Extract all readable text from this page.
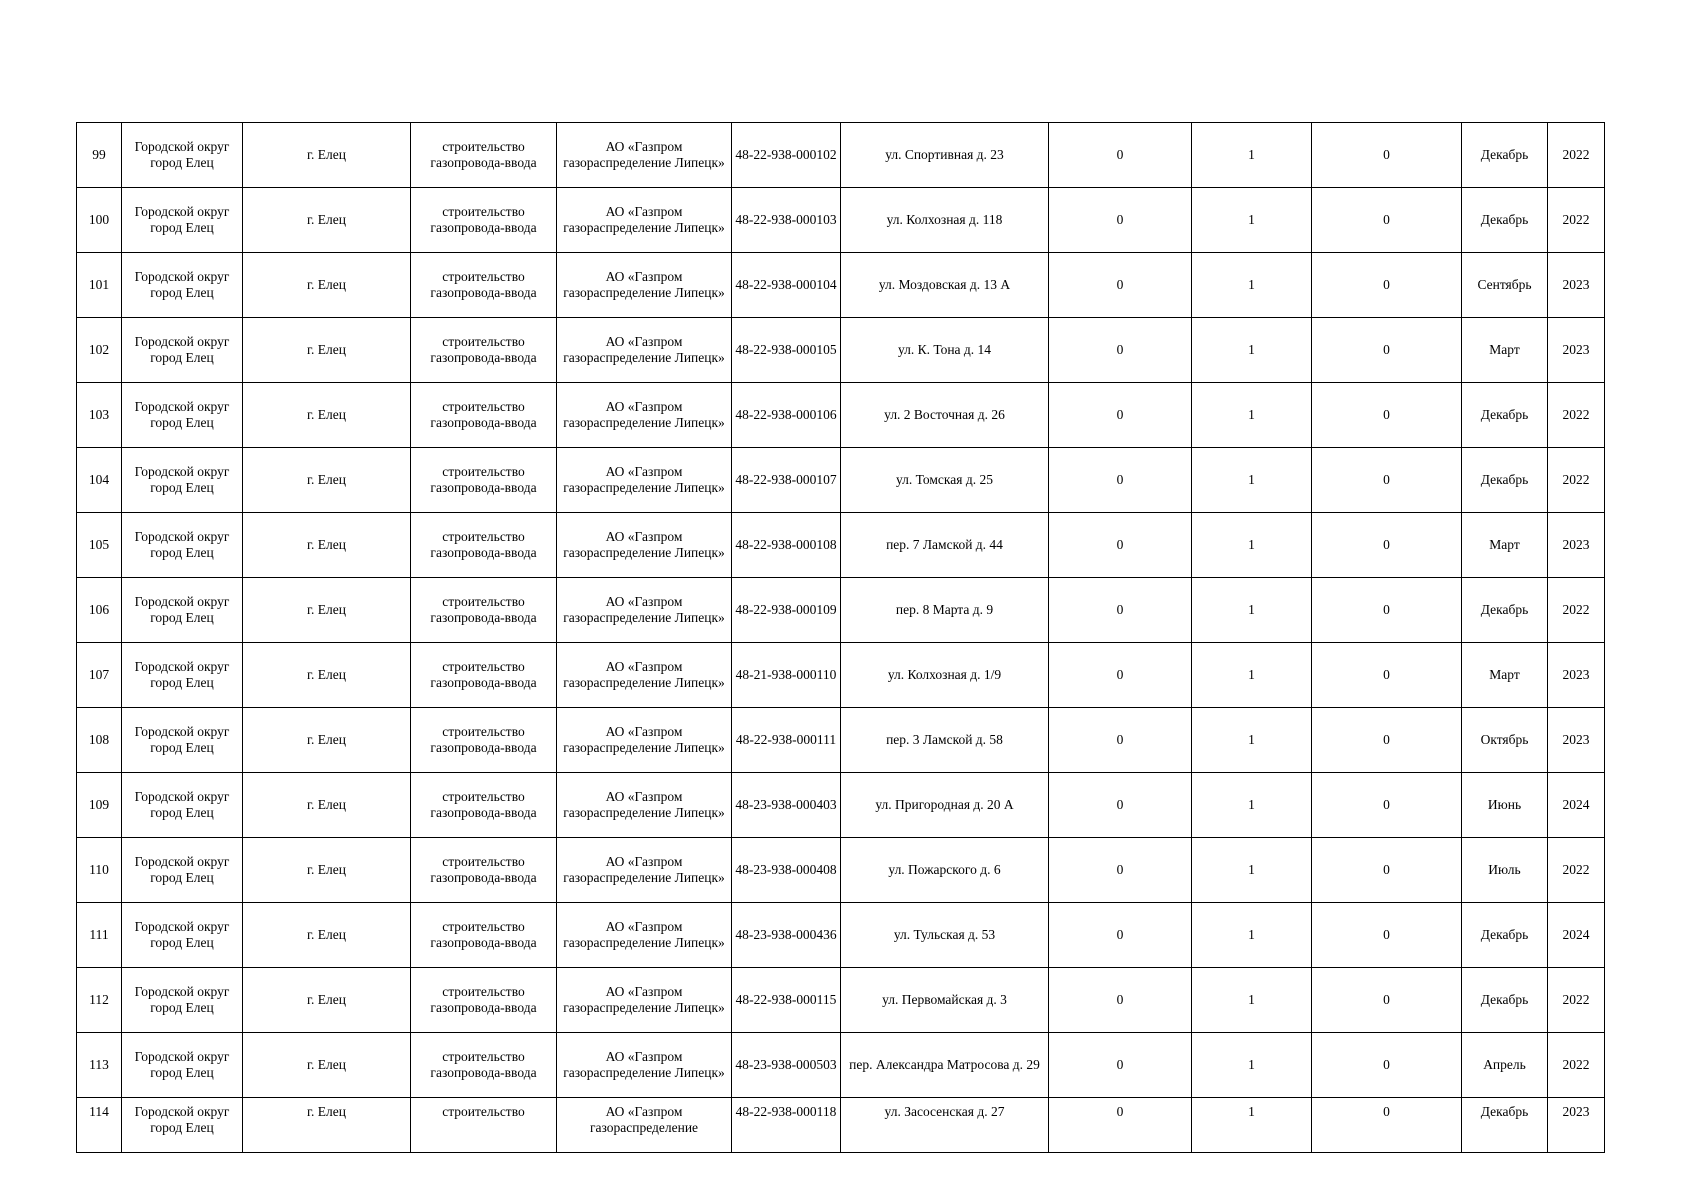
99	Городской округ город Елец	г. Елец	строительство газопровода-ввода	АО «Газпром газораспределение Липецк»	48-22-938-000102	ул. Спортивная д. 23	0	1	0	Декабрь	2022
100	Городской округ город Елец	г. Елец	строительство газопровода-ввода	АО «Газпром газораспределение Липецк»	48-22-938-000103	ул. Колхозная д. 118	0	1	0	Декабрь	2022
101	Городской округ город Елец	г. Елец	строительство газопровода-ввода	АО «Газпром газораспределение Липецк»	48-22-938-000104	ул. Моздовская д. 13 А	0	1	0	Сентябрь	2023
102	Городской округ город Елец	г. Елец	строительство газопровода-ввода	АО «Газпром газораспределение Липецк»	48-22-938-000105	ул. К. Тона д. 14	0	1	0	Март	2023
103	Городской округ город Елец	г. Елец	строительство газопровода-ввода	АО «Газпром газораспределение Липецк»	48-22-938-000106	ул. 2 Восточная д. 26	0	1	0	Декабрь	2022
104	Городской округ город Елец	г. Елец	строительство газопровода-ввода	АО «Газпром газораспределение Липецк»	48-22-938-000107	ул. Томская д. 25	0	1	0	Декабрь	2022
105	Городской округ город Елец	г. Елец	строительство газопровода-ввода	АО «Газпром газораспределение Липецк»	48-22-938-000108	пер. 7 Ламской д. 44	0	1	0	Март	2023
106	Городской округ город Елец	г. Елец	строительство газопровода-ввода	АО «Газпром газораспределение Липецк»	48-22-938-000109	пер. 8 Марта д. 9	0	1	0	Декабрь	2022
107	Городской округ город Елец	г. Елец	строительство газопровода-ввода	АО «Газпром газораспределение Липецк»	48-21-938-000110	ул. Колхозная д. 1/9	0	1	0	Март	2023
108	Городской округ город Елец	г. Елец	строительство газопровода-ввода	АО «Газпром газораспределение Липецк»	48-22-938-000111	пер. 3 Ламской д. 58	0	1	0	Октябрь	2023
109	Городской округ город Елец	г. Елец	строительство газопровода-ввода	АО «Газпром газораспределение Липецк»	48-23-938-000403	ул. Пригородная д. 20 А	0	1	0	Июнь	2024
110	Городской округ город Елец	г. Елец	строительство газопровода-ввода	АО «Газпром газораспределение Липецк»	48-23-938-000408	ул. Пожарского д. 6	0	1	0	Июль	2022
111	Городской округ город Елец	г. Елец	строительство газопровода-ввода	АО «Газпром газораспределение Липецк»	48-23-938-000436	ул. Тульская д. 53	0	1	0	Декабрь	2024
112	Городской округ город Елец	г. Елец	строительство газопровода-ввода	АО «Газпром газораспределение Липецк»	48-22-938-000115	ул. Первомайская д. 3	0	1	0	Декабрь	2022
113	Городской округ город Елец	г. Елец	строительство газопровода-ввода	АО «Газпром газораспределение Липецк»	48-23-938-000503	пер. Александра Матросова д. 29	0	1	0	Апрель	2022
114	Городской округ город Елец	г. Елец	строительство	АО «Газпром газораспределение	48-22-938-000118	ул. Засосенская д. 27	0	1	0	Декабрь	2023
